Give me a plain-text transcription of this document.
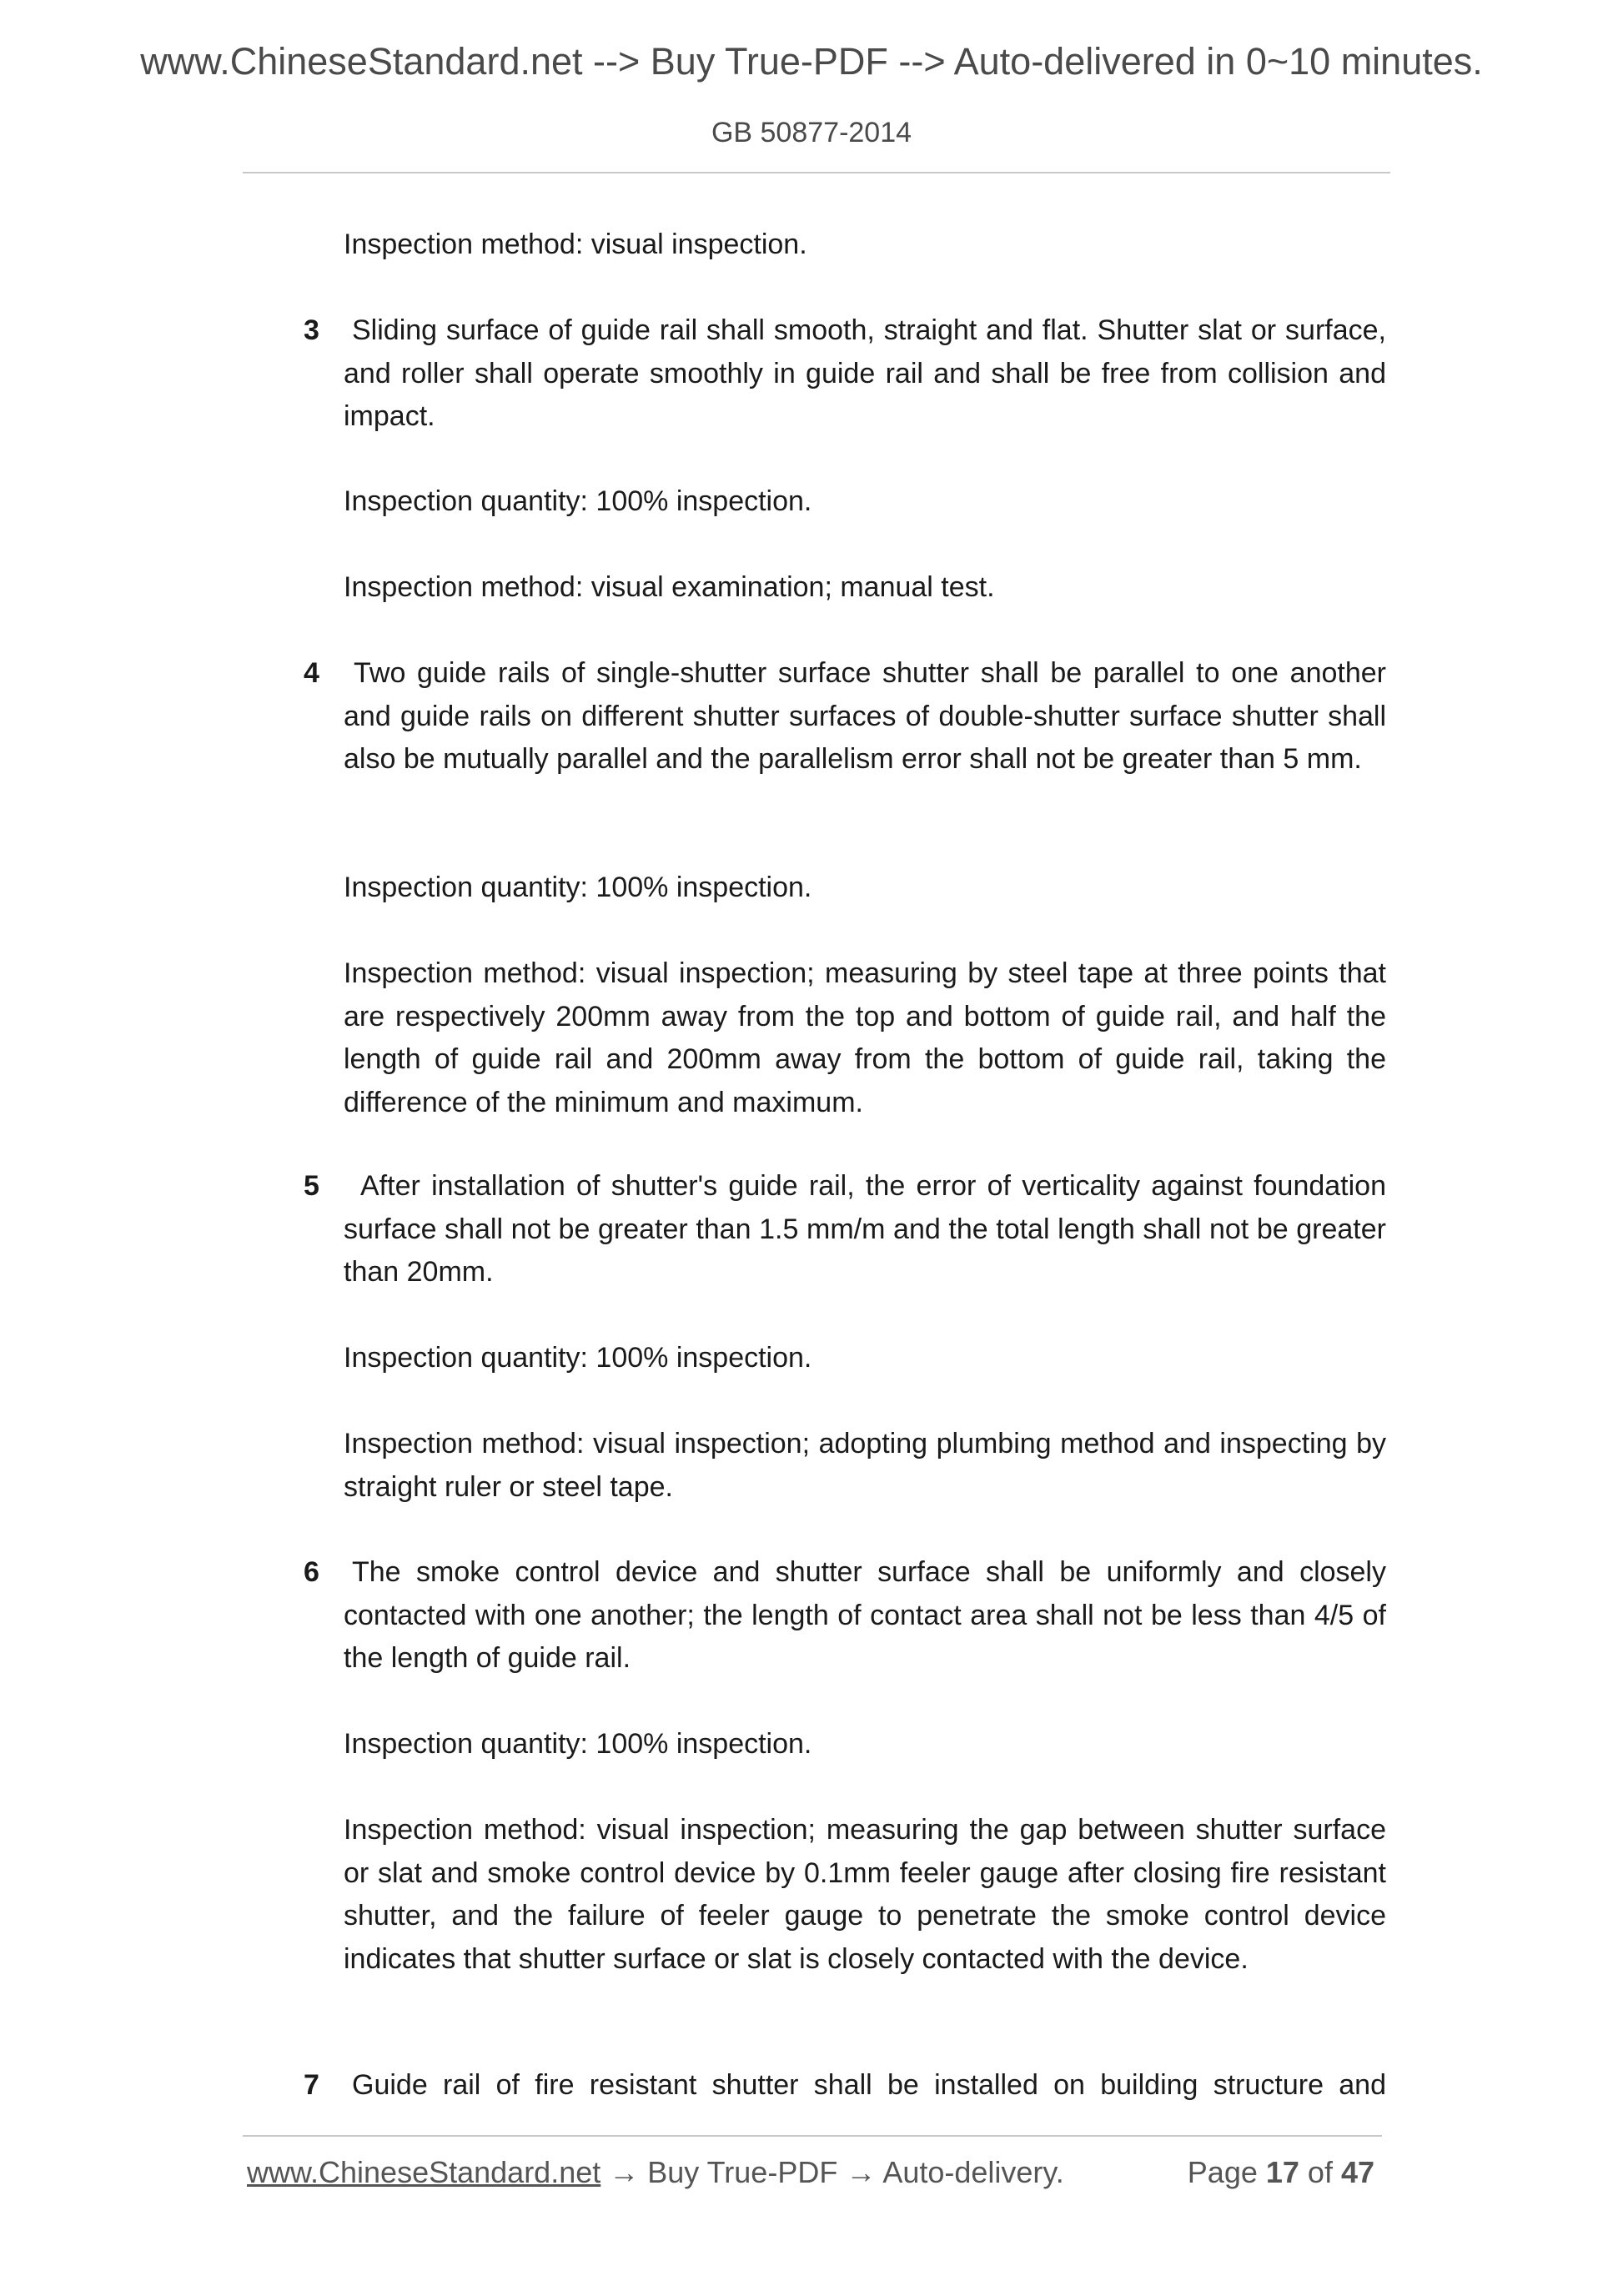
www.ChineseStandard.net --> Buy True-PDF --> Auto-delivered in 0~10 minutes.
GB 50877-2014
Inspection method: visual inspection.
3 Sliding surface of guide rail shall smooth, straight and flat. Shutter slat or surface, and roller shall operate smoothly in guide rail and shall be free from collision and impact.
Inspection quantity: 100% inspection.
Inspection method: visual examination; manual test.
4	Two guide rails of single-shutter surface shutter shall be parallel to one another and guide rails on different shutter surfaces of double-shutter surface shutter shall also be mutually parallel and the parallelism error shall not be greater than 5 mm.
Inspection quantity: 100% inspection.
Inspection method: visual inspection; measuring by steel tape at three points that are respectively 200mm away from the top and bottom of guide rail, and half the length of guide rail and 200mm away from the bottom of guide rail, taking the difference of the minimum and maximum.
5	After installation of shutter's guide rail, the error of verticality against foundation surface shall not be greater than 1.5 mm/m and the total length shall not be greater than 20mm.
Inspection quantity: 100% inspection.
Inspection method: visual inspection; adopting plumbing method and inspecting by straight ruler or steel tape.
6 The smoke control device and shutter surface shall be uniformly and closely contacted with one another; the length of contact area shall not be less than 4/5 of the length of guide rail.
Inspection quantity: 100% inspection.
Inspection method: visual inspection; measuring the gap between shutter surface or slat and smoke control device by 0.1mm feeler gauge after closing fire resistant shutter, and the failure of feeler gauge to penetrate the smoke control device indicates that shutter surface or slat is closely contacted with the device.
7 Guide rail of fire resistant shutter shall be installed on building structure and
www.ChineseStandard.net → Buy True-PDF → Auto-delivery.	Page 17 of 47
